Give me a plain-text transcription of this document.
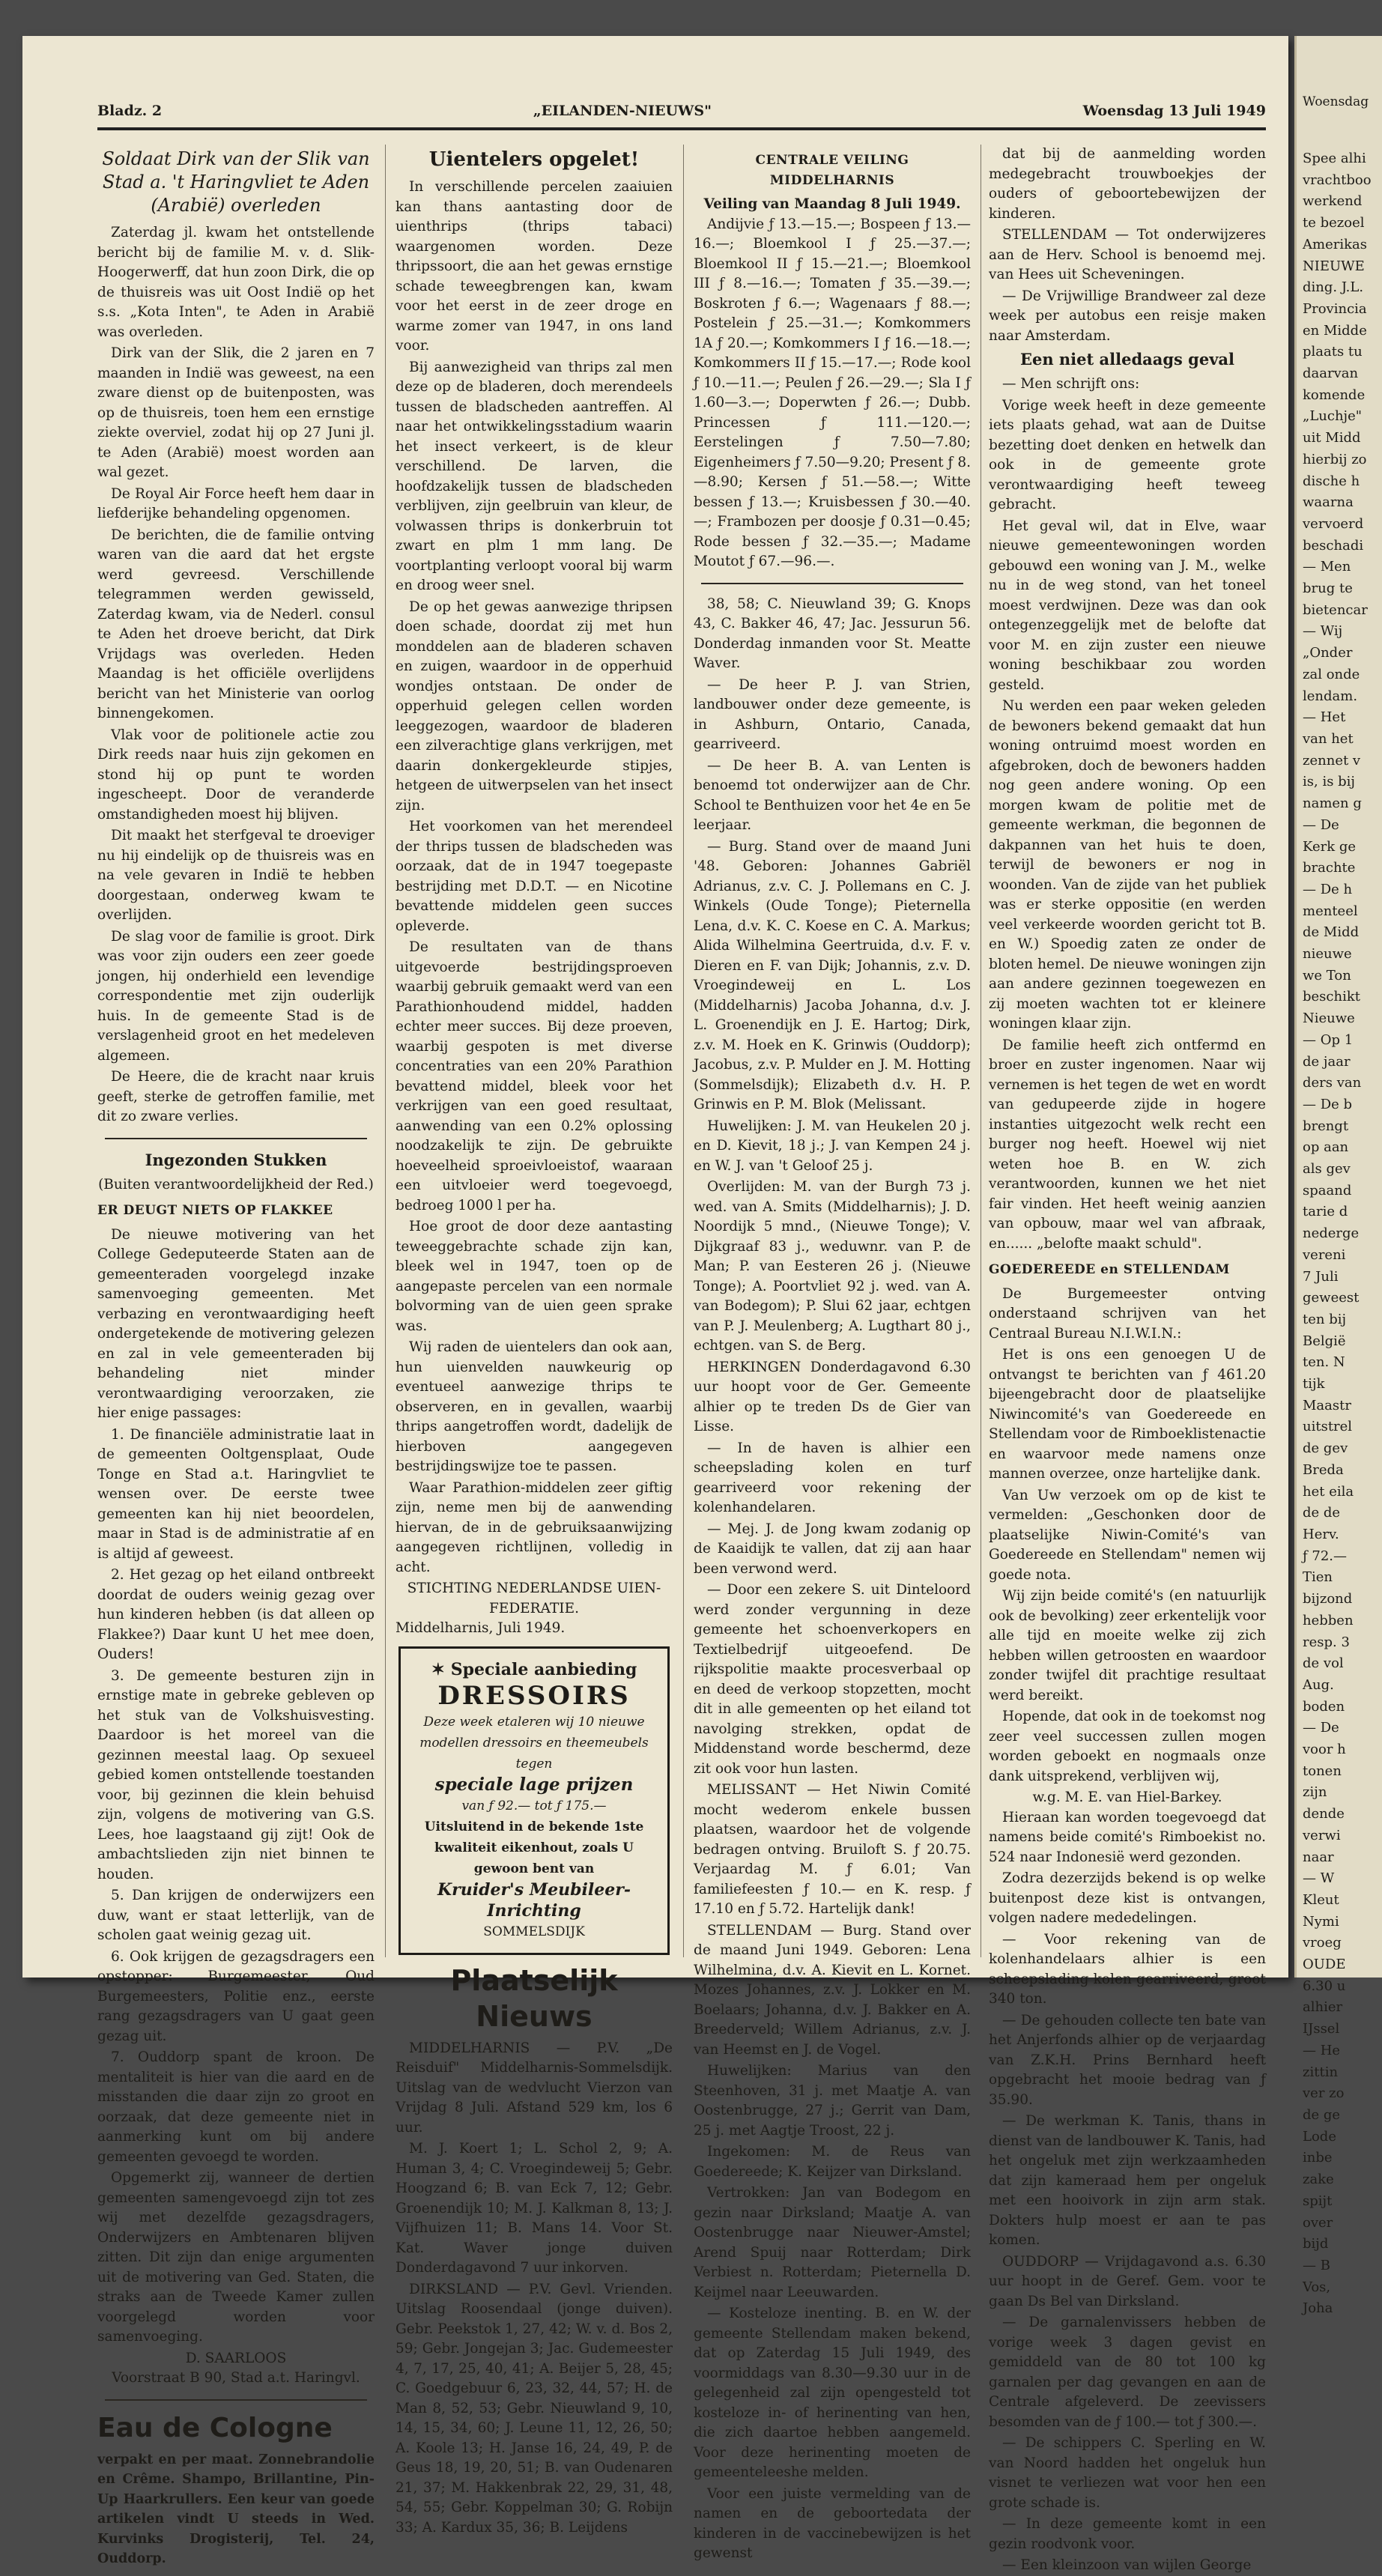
Bladz. 2	„EILANDEN-NIEUWS"	Woensdag 13 Juli 1949
Soldaat Dirk van der Slik van Stad a. 't Haringvliet te Aden (Arabië) overleden

Zaterdag jl. kwam het ontstellende bericht bij de familie M. v. d. Slik-Hoogerwerff, dat hun zoon Dirk, die op de thuisreis was uit Oost Indië op het s.s. „Kota Inten", te Aden in Arabië was overleden.

Dirk van der Slik, die 2 jaren en 7 maanden in Indië was geweest, na een zware dienst op de buitenposten, was op de thuisreis, toen hem een ernstige ziekte overviel, zodat hij op 27 Juni jl. te Aden (Arabië) moest worden aan wal gezet.

De Royal Air Force heeft hem daar in liefderijke behandeling opgenomen.

De berichten, die de familie ontving waren van die aard dat het ergste werd gevreesd. Verschillende telegrammen werden gewisseld, Zaterdag kwam, via de Nederl. consul te Aden het droeve bericht, dat Dirk Vrijdags was overleden. Heden Maandag is het officiële overlijdens bericht van het Ministerie van oorlog binnengekomen.

Vlak voor de politionele actie zou Dirk reeds naar huis zijn gekomen en stond hij op punt te worden ingescheept. Door de veranderde omstandigheden moest hij blijven.

Dit maakt het sterfgeval te droeviger nu hij eindelijk op de thuisreis was en na vele gevaren in Indië te hebben doorgestaan, onderweg kwam te overlijden.

De slag voor de familie is groot. Dirk was voor zijn ouders een zeer goede jongen, hij onderhield een levendige correspondentie met zijn ouderlijk huis. In de gemeente Stad is de verslagenheid groot en het medeleven algemeen.

De Heere, die de kracht naar kruis geeft, sterke de getroffen familie, met dit zo zware verlies.

Ingezonden Stukken

(Buiten verantwoordelijkheid der Red.)

ER DEUGT NIETS OP FLAKKEE

De nieuwe motivering van het College Gedeputeerde Staten aan de gemeenteraden voorgelegd inzake samenvoeging gemeenten. Met verbazing en verontwaardiging heeft ondergetekende de motivering gelezen en zal in vele gemeenteraden bij behandeling niet minder verontwaardiging veroorzaken, zie hier enige passages:

1. De financiële administratie laat in de gemeenten Ooltgensplaat, Oude Tonge en Stad a.t. Haringvliet te wensen over. De eerste twee gemeenten kan hij niet beoordelen, maar in Stad is de administratie af en is altijd af geweest.

2. Het gezag op het eiland ontbreekt doordat de ouders weinig gezag over hun kinderen hebben (is dat alleen op Flakkee?) Daar kunt U het mee doen, Ouders!

3. De gemeente besturen zijn in ernstige mate in gebreke gebleven op het stuk van de Volkshuisvesting. Daardoor is het moreel van die gezinnen meestal laag. Op sexueel gebied komen ontstellende toestanden voor, bij gezinnen die klein behuisd zijn, volgens de motivering van G.S. Lees, hoe laagstaand gij zijt! Ook de ambachtslieden zijn niet binnen te houden.

5. Dan krijgen de onderwijzers een duw, want er staat letterlijk, van de scholen gaat weinig gezag uit.

6. Ook krijgen de gezagsdragers een opstopper: Burgemeester, Oud Burgemeesters, Politie enz., eerste rang gezagsdragers van U gaat geen gezag uit.

7. Ouddorp spant de kroon. De mentaliteit is hier van die aard en de misstanden die daar zijn zo groot en oorzaak, dat deze gemeente niet in aanmerking kunt om bij andere gemeenten gevoegd te worden.

Opgemerkt zij, wanneer de dertien gemeenten samengevoegd zijn tot zes wij met dezelfde gezagsdragers, Onderwijzers en Ambtenaren blijven zitten. Dit zijn dan enige argumenten uit de motivering van Ged. Staten, die straks aan de Tweede Kamer zullen voorgelegd worden voor samenvoeging.

D. SAARLOOS

Voorstraat B 90, Stad a.t. Haringvl.

Eau de Cologne

verpakt en per maat. Zonnebrandolie en Crême. Shampo, Brillantine, Pin-Up Haarkrullers. Een keur van goede artikelen vindt U steeds in Wed. Kurvinks Drogisterij, Tel. 24, Ouddorp.

Uientelers opgelet!

In verschillende percelen zaaiuien kan thans aantasting door de uienthrips (thrips tabaci) waargenomen worden. Deze thripssoort, die aan het gewas ernstige schade teweegbrengen kan, kwam voor het eerst in de zeer droge en warme zomer van 1947, in ons land voor.

Bij aanwezigheid van thrips zal men deze op de bladeren, doch merendeels tussen de bladscheden aantreffen. Al naar het ontwikkelingsstadium waarin het insect verkeert, is de kleur verschillend. De larven, die hoofdzakelijk tussen de bladscheden verblijven, zijn geelbruin van kleur, de volwassen thrips is donkerbruin tot zwart en plm 1 mm lang. De voortplanting verloopt vooral bij warm en droog weer snel.

De op het gewas aanwezige thripsen doen schade, doordat zij met hun monddelen aan de bladeren schaven en zuigen, waardoor in de opperhuid wondjes ontstaan. De onder de opperhuid gelegen cellen worden leeggezogen, waardoor de bladeren een zilverachtige glans verkrijgen, met daarin donkergekleurde stipjes, hetgeen de uitwerpselen van het insect zijn.

Het voorkomen van het merendeel der thrips tussen de bladscheden was oorzaak, dat de in 1947 toegepaste bestrijding met D.D.T. — en Nicotine bevattende middelen geen succes opleverde.

De resultaten van de thans uitgevoerde bestrijdingsproeven waarbij gebruik gemaakt werd van een Parathionhoudend middel, hadden echter meer succes. Bij deze proeven, waarbij gespoten is met diverse concentraties van een 20% Parathion bevattend middel, bleek voor het verkrijgen van een goed resultaat, aanwending van een 0.2% oplossing noodzakelijk te zijn. De gebruikte hoeveelheid sproeivloeistof, waaraan een uitvloeier werd toegevoegd, bedroeg 1000 l per ha.

Hoe groot de door deze aantasting teweeggebrachte schade zijn kan, bleek wel in 1947, toen op de aangepaste percelen van een normale bolvorming van de uien geen sprake was.

Wij raden de uientelers dan ook aan, hun uienvelden nauwkeurig op eventueel aanwezige thrips te observeren, en in gevallen, waarbij thrips aangetroffen wordt, dadelijk de hierboven aangegeven bestrijdingswijze toe te passen.

Waar Parathion-middelen zeer giftig zijn, neme men bij de aanwending hiervan, de in de gebruiksaanwijzing aangegeven richtlijnen, volledig in acht.

STICHTING NEDERLANDSE UIEN-FEDERATIE.

Middelharnis, Juli 1949.

✶ Speciale aanbieding
DRESSOIRS
Deze week etaleren wij 10 nieuwe modellen dressoirs en theemeubels tegen
speciale lage prijzen
van ƒ 92.— tot ƒ 175.—
Uitsluitend in de bekende 1ste kwaliteit eikenhout, zoals U gewoon bent van
Kruider's Meubileer-Inrichting
SOMMELSDIJK
Plaatselijk Nieuws

MIDDELHARNIS — P.V. „De Reisduif" Middelharnis-Sommelsdijk. Uitslag van de wedvlucht Vierzon van Vrijdag 8 Juli. Afstand 529 km, los 6 uur.

M. J. Koert 1; L. Schol 2, 9; A. Human 3, 4; C. Vroegindeweij 5; Gebr. Hoogzand 6; B. van Eck 7, 12; Gebr. Groenendijk 10; M. J. Kalkman 8, 13; J. Vijfhuizen 11; B. Mans 14. Voor St. Kat. Waver jonge duiven Donderdagavond 7 uur inkorven.

DIRKSLAND — P.V. Gevl. Vrienden. Uitslag Roosendaal (jonge duiven). Gebr. Peekstok 1, 27, 42; W. v. d. Bos 2, 59; Gebr. Jongejan 3; Jac. Gudemeester 4, 7, 17, 25, 40, 41; A. Beijer 5, 28, 45; C. Goedgebuur 6, 23, 32, 44, 57; H. de Man 8, 52, 53; Gebr. Nieuwland 9, 10, 14, 15, 34, 60; J. Leune 11, 12, 26, 50; A. Koole 13; H. Janse 16, 24, 49, P. de Geus 18, 19, 20, 51; B. van Oudenaren 21, 37; M. Hakkenbrak 22, 29, 31, 48, 54, 55; Gebr. Koppelman 30; G. Robijn 33; A. Kardux 35, 36; B. Leijdens

CENTRALE VEILING MIDDELHARNIS

Veiling van Maandag 8 Juli 1949.

Andijvie ƒ 13.—15.—; Bospeen ƒ 13.—16.—; Bloemkool I ƒ 25.—37.—; Bloemkool II ƒ 15.—21.—; Bloemkool III ƒ 8.—16.—; Tomaten ƒ 35.—39.—; Boskroten ƒ 6.—; Wagenaars ƒ 88.—; Postelein ƒ 25.—31.—; Komkommers 1A ƒ 20.—; Komkommers I ƒ 16.—18.—; Komkommers II ƒ 15.—17.—; Rode kool ƒ 10.—11.—; Peulen ƒ 26.—29.—; Sla I ƒ 1.60—3.—; Doperwten ƒ 26.—; Dubb. Princessen ƒ 111.—120.—; Eerstelingen ƒ 7.50—7.80; Eigenheimers ƒ 7.50—9.20; Present ƒ 8.—8.90; Kersen ƒ 51.—58.—; Witte bessen ƒ 13.—; Kruisbessen ƒ 30.—40.—; Frambozen per doosje ƒ 0.31—0.45; Rode bessen ƒ 32.—35.—; Madame Moutot ƒ 67.—96.—.

38, 58; C. Nieuwland 39; G. Knops 43, C. Bakker 46, 47; Jac. Jessurun 56. Donderdag inmanden voor St. Meatte Waver.

— De heer P. J. van Strien, landbouwer onder deze gemeente, is in Ashburn, Ontario, Canada, gearriveerd.

— De heer B. A. van Lenten is benoemd tot onderwijzer aan de Chr. School te Benthuizen voor het 4e en 5e leerjaar.

— Burg. Stand over de maand Juni '48. Geboren: Johannes Gabriël Adrianus, z.v. C. J. Pollemans en C. J. Winkels (Oude Tonge); Pieternella Lena, d.v. K. C. Koese en C. A. Markus; Alida Wilhelmina Geertruida, d.v. F. v. Dieren en F. van Dijk; Johannis, z.v. D. Vroegindeweij en L. Los (Middelharnis) Jacoba Johanna, d.v. J. L. Groenendijk en J. E. Hartog; Dirk, z.v. M. Hoek en K. Grinwis (Ouddorp); Jacobus, z.v. P. Mulder en J. M. Hotting (Sommelsdijk); Elizabeth d.v. H. P. Grinwis en P. M. Blok (Melissant.

Huwelijken: J. M. van Heukelen 20 j. en D. Kievit, 18 j.; J. van Kempen 24 j. en W. J. van 't Geloof 25 j.

Overlijden: M. van der Burgh 73 j. wed. van A. Smits (Middelharnis); J. D. Noordijk 5 mnd., (Nieuwe Tonge); V. Dijkgraaf 83 j., weduwnr. van P. de Man; P. van Eesteren 26 j. (Nieuwe Tonge); A. Poortvliet 92 j. wed. van A. van Bodegom); P. Slui 62 jaar, echtgen van P. J. Meulenberg; A. Lugthart 80 j., echtgen. van S. de Berg.

HERKINGEN Donderdagavond 6.30 uur hoopt voor de Ger. Gemeente alhier op te treden Ds de Gier van Lisse.

— In de haven is alhier een scheepslading kolen en turf gearriveerd voor rekening der kolenhandelaren.

— Mej. J. de Jong kwam zodanig op de Kaaidijk te vallen, dat zij aan haar been verwond werd.

— Door een zekere S. uit Dinteloord werd zonder vergunning in deze gemeente het schoenverkopers en Textielbedrijf uitgeoefend. De rijkspolitie maakte procesverbaal op en deed de verkoop stopzetten, mocht dit in alle gemeenten op het eiland tot navolging strekken, opdat de Middenstand worde beschermd, deze zit ook voor hun lasten.

MELISSANT — Het Niwin Comité mocht wederom enkele bussen plaatsen, waardoor het de volgende bedragen ontving. Bruiloft S. ƒ 20.75. Verjaardag M. ƒ 6.01; Van familiefeesten ƒ 10.— en K. resp. ƒ 17.10 en ƒ 5.72. Hartelijk dank!

STELLENDAM — Burg. Stand over de maand Juni 1949. Geboren: Lena Wilhelmina, d.v. A. Kievit en L. Kornet. Mozes Johannes, z.v. J. Lokker en M. Boelaars; Johanna, d.v. J. Bakker en A. Breederveld; Willem Adrianus, z.v. J. van Heemst en J. de Vogel.

Huwelijken: Marius van den Steenhoven, 31 j. met Maatje A. van Oostenbrugge, 27 j.; Gerrit van Dam, 25 j. met Aagtje Troost, 22 j.

Ingekomen: M. de Reus van Goedereede; K. Keijzer van Dirksland.

Vertrokken: Jan van Bodegom en gezin naar Dirksland; Maatje A. van Oostenbrugge naar Nieuwer-Amstel; Arend Spuij naar Rotterdam; Dirk Verbiest n. Rotterdam; Pieternella D. Keijmel naar Leeuwarden.

— Kosteloze inenting. B. en W. der gemeente Stellendam maken bekend, dat op Zaterdag 15 Juli 1949, des voormiddags van 8.30—9.30 uur in de gelegenheid zal zijn opengesteld tot kosteloze in- of herinenting van hen, die zich daartoe hebben aangemeld. Voor deze herinenting moeten de gemeenteleeshe melden.

Voor een juiste vermelding van de namen en de geboortedata der kinderen in de vaccinebewijzen is het gewenst

dat bij de aanmelding worden medegebracht trouwboekjes der ouders of geboortebewijzen der kinderen.

STELLENDAM — Tot onderwijzeres aan de Herv. School is benoemd mej. van Hees uit Scheveningen.

— De Vrijwillige Brandweer zal deze week per autobus een reisje maken naar Amsterdam.

Een niet alledaags geval

— Men schrijft ons:

Vorige week heeft in deze gemeente iets plaats gehad, wat aan de Duitse bezetting doet denken en hetwelk dan ook in de gemeente grote verontwaardiging heeft teweeg gebracht.

Het geval wil, dat in Elve, waar nieuwe gemeentewoningen worden gebouwd een woning van J. M., welke nu in de weg stond, van het toneel moest verdwijnen. Deze was dan ook ontegenzeggelijk met de belofte dat voor M. en zijn zuster een nieuwe woning beschikbaar zou worden gesteld.

Nu werden een paar weken geleden de bewoners bekend gemaakt dat hun woning ontruimd moest worden en afgebroken, doch de bewoners hadden nog geen andere woning. Op een morgen kwam de politie met de gemeente werkman, die begonnen de dakpannen van het huis te doen, terwijl de bewoners er nog in woonden. Van de zijde van het publiek was er sterke oppositie (en werden veel verkeerde woorden gericht tot B. en W.) Spoedig zaten ze onder de bloten hemel. De nieuwe woningen zijn aan andere gezinnen toegewezen en zij moeten wachten tot er kleinere woningen klaar zijn.

De familie heeft zich ontfermd en broer en zuster ingenomen. Naar wij vernemen is het tegen de wet en wordt van gedupeerde zijde in hogere instanties uitgezocht welk recht een burger nog heeft. Hoewel wij niet weten hoe B. en W. zich verantwoorden, kunnen we het niet fair vinden. Het heeft weinig aanzien van opbouw, maar wel van afbraak, en...... „belofte maakt schuld".

GOEDEREEDE en STELLENDAM

De Burgemeester ontving onderstaand schrijven van het Centraal Bureau N.I.W.I.N.:

Het is ons een genoegen U de ontvangst te berichten van ƒ 461.20 bijeengebracht door de plaatselijke Niwincomité's van Goedereede en Stellendam voor de Rimboeklistenactie en waarvoor mede namens onze mannen overzee, onze hartelijke dank.

Van Uw verzoek om op de kist te vermelden: „Geschonken door de plaatselijke Niwin-Comité's van Goedereede en Stellendam" nemen wij goede nota.

Wij zijn beide comité's (en natuurlijk ook de bevolking) zeer erkentelijk voor alle tijd en moeite welke zij zich hebben willen getroosten en waardoor zonder twijfel dit prachtige resultaat werd bereikt.

Hopende, dat ook in de toekomst nog zeer veel successen zullen mogen worden geboekt en nogmaals onze dank uitsprekend, verblijven wij,

w.g. M. E. van Hiel-Barkey.

Hieraan kan worden toegevoegd dat namens beide comité's Rimboekist no. 524 naar Indonesië werd gezonden.

Zodra dezerzijds bekend is op welke buitenpost deze kist is ontvangen, volgen nadere mededelingen.

— Voor rekening van de kolenhandelaars alhier is een scheepslading kolen gearriveerd, groot 340 ton.

— De gehouden collecte ten bate van het Anjerfonds alhier op de verjaardag van Z.K.H. Prins Bernhard heeft opgebracht het mooie bedrag van ƒ 35.90.

— De werkman K. Tanis, thans in dienst van de landbouwer K. Tanis, had het ongeluk met zijn werkzaamheden dat zijn kameraad hem per ongeluk met een hooivork in zijn arm stak. Dokters hulp moest er aan te pas komen.

OUDDORP — Vrijdagavond a.s. 6.30 uur hoopt in de Geref. Gem. voor te gaan Ds Bel van Dirksland.

— De garnalenvissers hebben de vorige week 3 dagen gevist en gemiddeld van de 80 tot 100 kg garnalen per dag gevangen en aan de Centrale afgeleverd. De zeevissers besomden van de ƒ 100.— tot ƒ 300.—.

— De schippers C. Sperling en W. van Noord hadden het ongeluk hun visnet te verliezen wat voor hen een grote schade is.

— In deze gemeente komt in een gezin roodvonk voor.

— Een kleinzoon van wijlen George

Woensdag
Spee alhi
vrachtboo
werkend
te bezoel
Amerikas
NIEUWE
ding. J.L.
Provincia
en Midde
plaats tu
daarvan
komende
„Luchje"
uit Midd
hierbij zo
dische h
waarna
vervoerd
beschadi
— Men
brug te
bietencar
— Wij
„Onder
zal onde
lendam.
— Het
van het
zennet v
is, is bij
namen g
— De
Kerk ge
brachte
— De h
menteel
de Midd
nieuwe
we Ton
beschikt
Nieuwe
— Op 1
de jaar
ders van
— De b
brengt
op aan
als gev
spaand
tarie d
nederge
vereni
7 Juli
geweest
ten bij
België
ten. N
tijk
Maastr
uitstrel
de gev
Breda
het eila
de de
Herv.
ƒ 72.—
Tien
bijzond
hebben
resp. 3
de vol
Aug.
boden
— De
voor h
tonen
zijn
dende
verwi
naar
— W
Kleut
Nymi
vroeg
OUDE
6.30 u
alhier
IJssel
— He
zittin
ver zo
de ge
Lode
inbe
zake
spijt
over
bijd
— B
Vos,
Joha
